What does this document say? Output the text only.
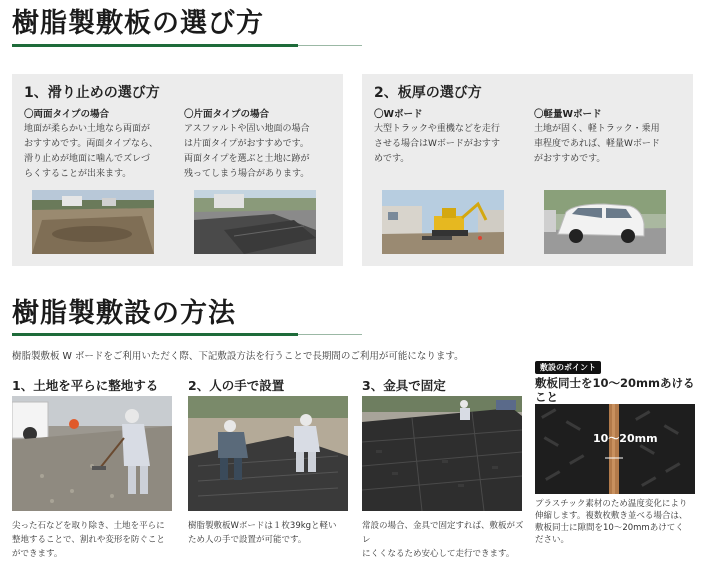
樹脂製敷板の選び方
1、滑り止めの選び方
〇両面タイプの場合
地面が柔らかい土地なら両面が
おすすめです。両面タイプなら、
滑り止めが地面に噛んでズレづ
らくすることが出来ます。
〇片面タイプの場合
アスファルトや固い地面の場合
は片面タイプがおすすめです。
両面タイプを選ぶと土地に跡が
残ってしまう場合があります。
2、板厚の選び方
〇Wボード
大型トラックや重機などを走行
させる場合はWボードがおすす
めです。
〇軽量Wボード
土地が固く、軽トラック・乗用
車程度であれば、軽量Wボード
がおすすめです。
樹脂製敷設の方法
樹脂製敷板 W ボードをご利用いただく際、下記敷設方法を行うことで長期間のご利用が可能になります。
1、土地を平らに整地する
尖った石などを取り除き、土地を平らに
整地することで、割れや変形を防ぐこと
ができます。
2、人の手で設置
樹脂製敷板Wボードは１枚39kgと軽い
ため人の手で設置が可能です。
3、金具で固定
常設の場合、金具で固定すれば、敷板がズレ
にくくなるため安心して走行できます。
敷設のポイント
敷板同士を10～20mmあける
こと
10～20mm
プラスチック素材のため温度変化により
伸縮します。複数枚敷き並べる場合は、
敷板同士に隙間を10～20mmあけてく
ださい。
